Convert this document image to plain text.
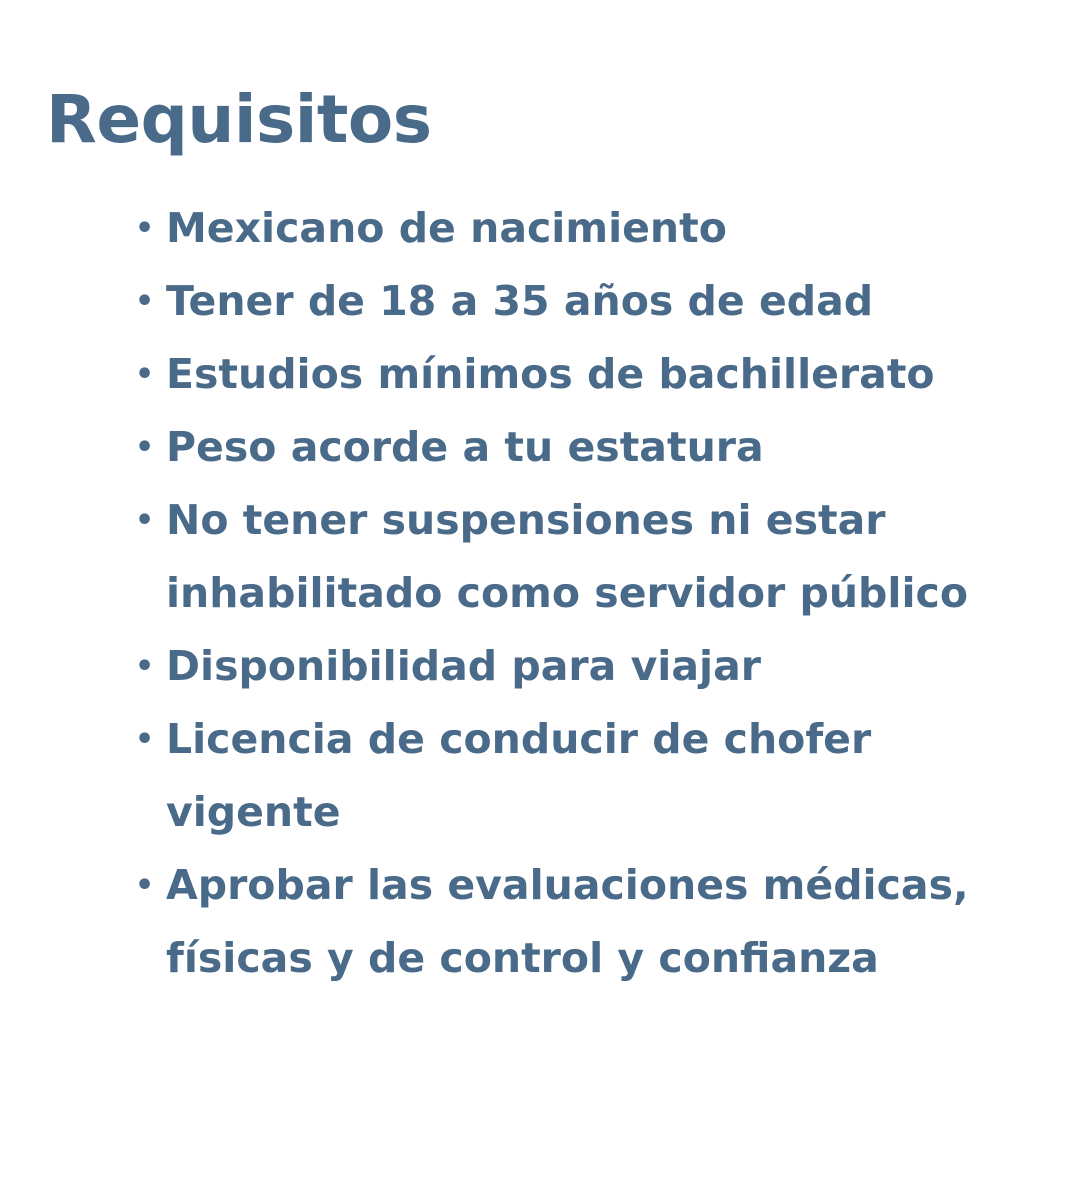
Requisitos
•
Mexicano de nacimiento
•
Tener de 18 a 35 años de edad
•
Estudios mínimos de bachillerato
•
Peso acorde a tu estatura
•
No tener suspensiones ni estar inhabilitado como servidor público
•
Disponibilidad para viajar
•
Licencia de conducir de chofer vigente
•
Aprobar las evaluaciones médicas, físicas y de control y confianza
